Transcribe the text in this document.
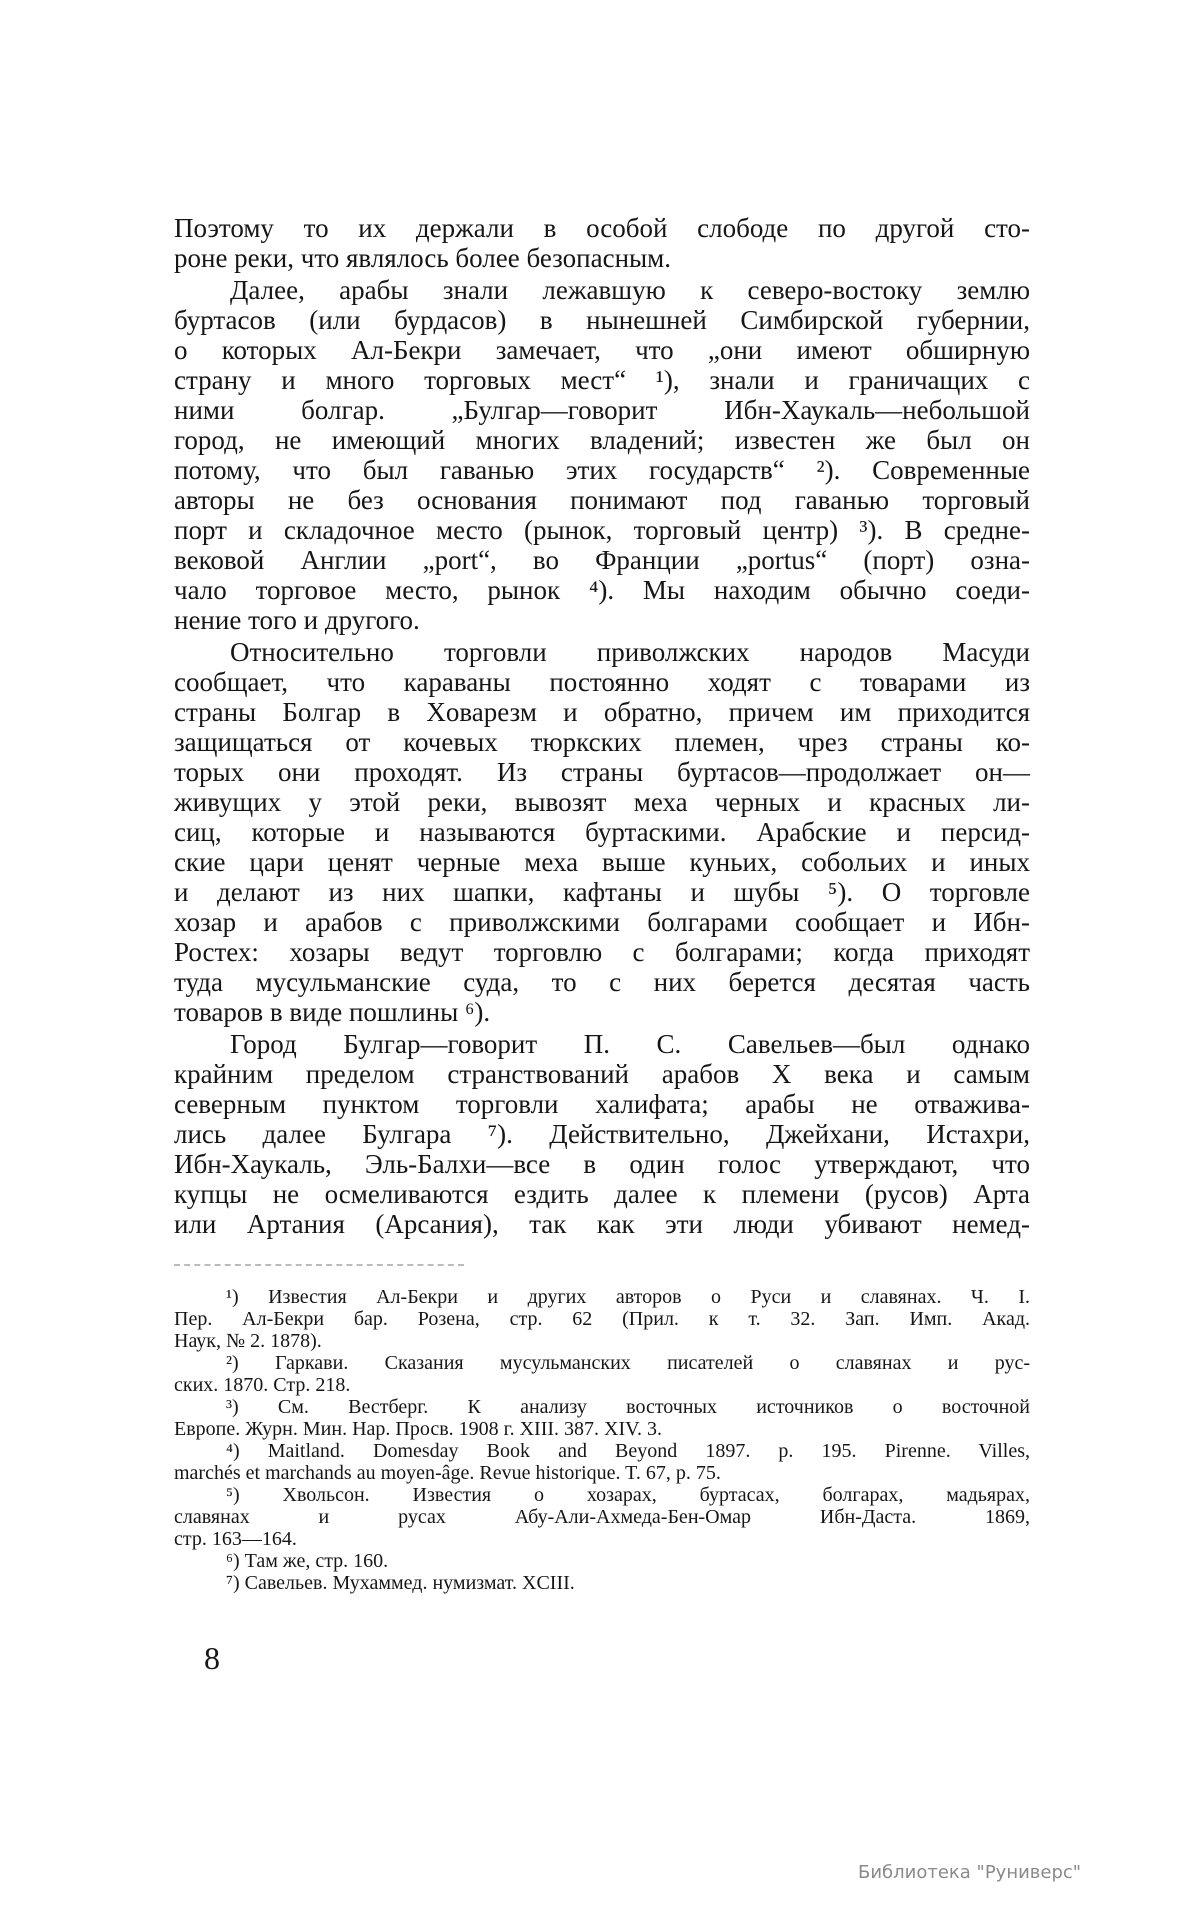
Поэтому то их держали в особой слободе по другой сто-
роне реки, что являлось более безопасным.
Далее, арабы знали лежавшую к северо-востоку землю
буртасов (или бурдасов) в нынешней Симбирской губернии,
о которых Ал-Бекри замечает, что „они имеют обширную
страну и много торговых мест“ ¹), знали и граничащих с
ними болгар. „Булгар—говорит Ибн-Хаукаль—небольшой
город, не имеющий многих владений; известен же был он
потому, что был гаванью этих государств“ ²). Современные
авторы не без основания понимают под гаванью торговый
порт и складочное место (рынок, торговый центр) ³). В средне-
вековой Англии „port“, во Франции „portus“ (порт) озна-
чало торговое место, рынок ⁴). Мы находим обычно соеди-
нение того и другого.
Относительно торговли приволжских народов Масуди
сообщает, что караваны постоянно ходят с товарами из
страны Болгар в Хoварезм и обратно, причем им приходится
защищаться от кочевых тюркских племен, чрез страны ко-
торых они проходят. Из страны буртасов—продолжает он—
живущих у этой реки, вывозят меха черных и красных ли-
сиц, которые и называются буртаскими. Арабские и персид-
ские цари ценят черные меха выше куньих, собольих и иных
и делают из них шапки, кафтаны и шубы ⁵). О торговле
хозар и арабов с приволжскими болгарами сообщает и Ибн-
Ростех: хозары ведут торговлю с болгарами; когда приходят
туда мусульманские суда, то с них берется десятая часть
товаров в виде пошлины ⁶).
Город Булгар—говорит П. С. Савельев—был однако
крайним пределом странствований арабов X века и самым
северным пунктом торговли халифата; арабы не отважива-
лись далее Булгара ⁷). Действительно, Джейхани, Истахри,
Ибн-Хаукаль, Эль-Балхи—все в один голос утверждают, что
купцы не осмеливаются ездить далее к племени (русов) Арта
или Артания (Арсания), так как эти люди убивают немед-
¹) Известия Ал-Бекри и других авторов о Руси и славянах. Ч. I.
Пер. Ал-Бекри бар. Розена, стр. 62 (Прил. к т. 32. Зап. Имп. Акад.
Наук, № 2. 1878).
²) Гаркави. Сказания мусульманских писателей о славянах и рус-
ских. 1870. Стр. 218.
³) См. Вестберг. К анализу восточных источников о восточной
Европе. Журн. Мин. Нар. Просв. 1908 г. XIII. 387. XIV. 3.
⁴) Maitland. Domesday Book and Beyond 1897. p. 195. Pirenne. Villes,
marchés et marchands au moyen-âge. Revue historique. T. 67, p. 75.
⁵) Хвольсон. Известия о хозарах, буртасах, болгарах, мадьярах,
славянах и русах Абу-Али-Ахмеда-Бен-Омар Ибн-Даста. 1869,
стр. 163—164.
⁶) Там же, стр. 160.
⁷) Савельев. Мухаммед. нумизмат. XCIII.
8
Библиотека "Руниверс"
